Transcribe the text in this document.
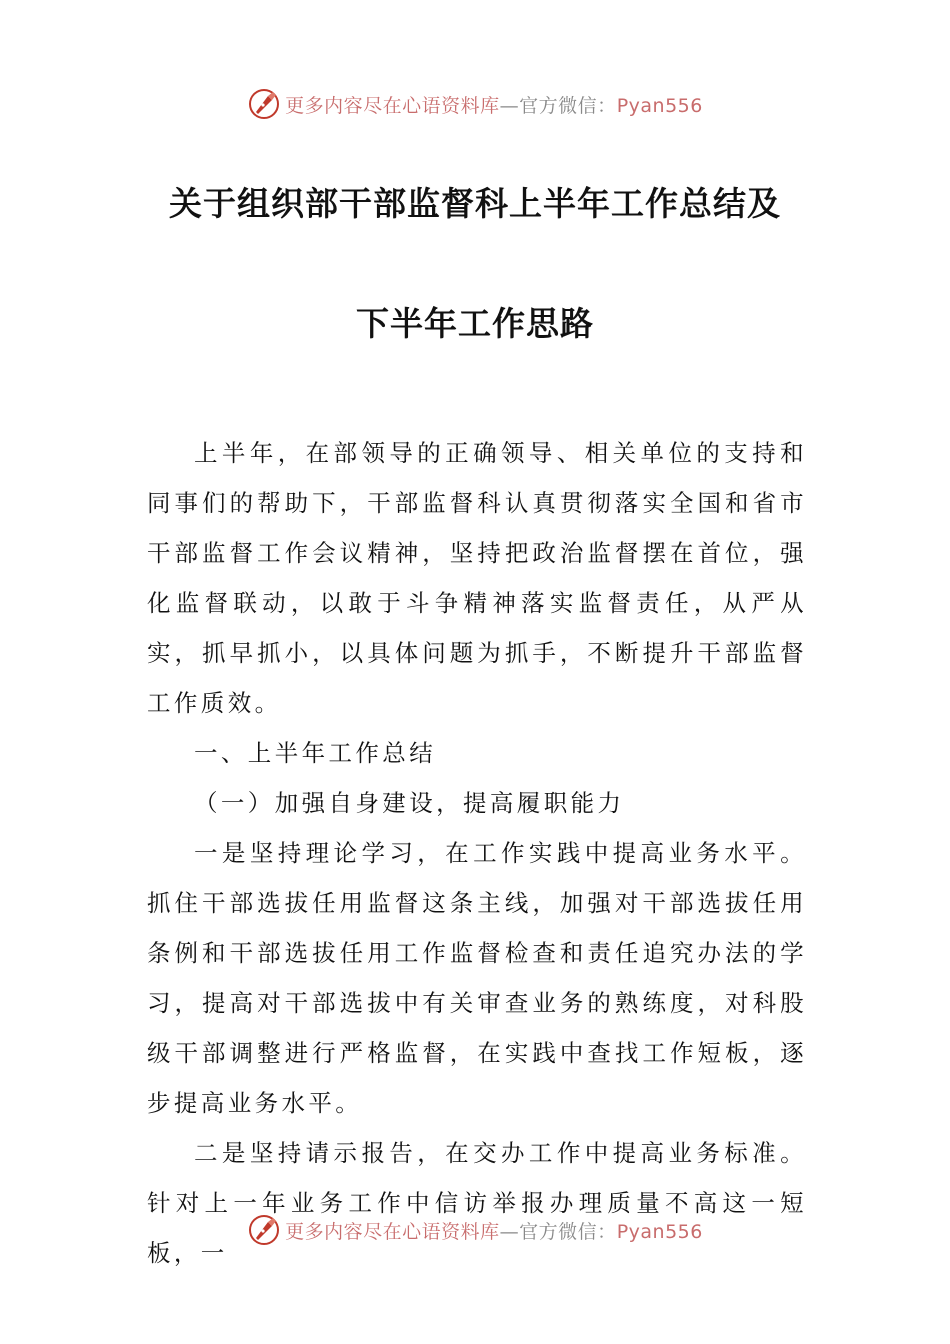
更多内容尽在心语资料库—官方微信：Pyan556
关于组织部干部监督科上半年工作总结及
下半年工作思路

上半年，在部领导的正确领导、相关单位的支持和同事们的帮助下，干部监督科认真贯彻落实全国和省市干部监督工作会议精神，坚持把政治监督摆在首位，强化监督联动，以敢于斗争精神落实监督责任，从严从实，抓早抓小，以具体问题为抓手，不断提升干部监督工作质效。

一、上半年工作总结

（一）加强自身建设，提高履职能力

一是坚持理论学习，在工作实践中提高业务水平。抓住干部选拔任用监督这条主线，加强对干部选拔任用条例和干部选拔任用工作监督检查和责任追究办法的学习，提高对干部选拔中有关审查业务的熟练度，对科股级干部调整进行严格监督，在实践中查找工作短板，逐步提高业务水平。

二是坚持请示报告，在交办工作中提高业务标准。针对上一年业务工作中信访举报办理质量不高这一短板，一

更多内容尽在心语资料库—官方微信：Pyan556
